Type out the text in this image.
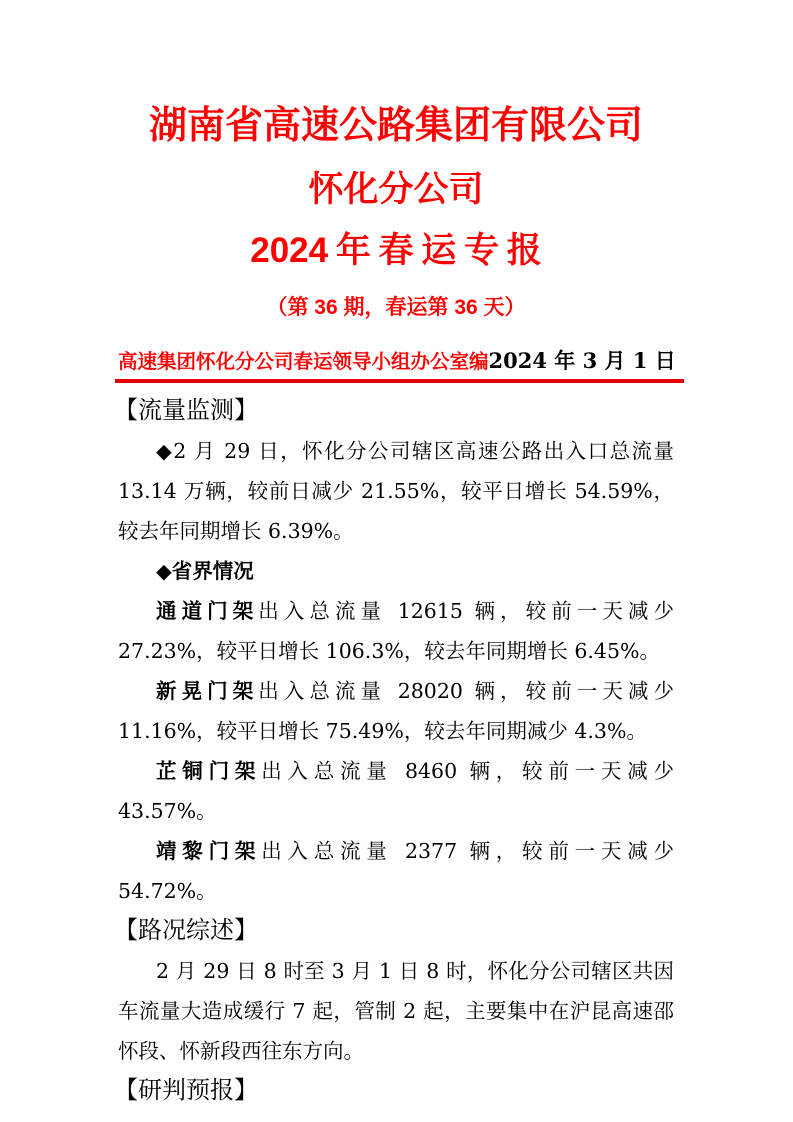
湖南省高速公路集团有限公司
怀化分公司
2024 年 春 运 专 报
（第 36 期，春运第 36 天）
高速集团怀化分公司春运领导小组办公室编 2024 年 3 月 1 日
【流量监测】

◆2 月 29 日，怀化分公司辖区高速公路出入口总流量 13.14 万辆，较前日减少 21.55%，较平日增长 54.59%，较去年同期增长 6.39%。

◆省界情况

通道门架出入总流量 12615 辆，较前一天减少 27.23%，较平日增长 106.3%，较去年同期增长 6.45%。

新晃门架出入总流量 28020 辆，较前一天减少 11.16%，较平日增长 75.49%，较去年同期减少 4.3%。

芷铜门架出入总流量 8460 辆，较前一天减少 43.57%。

靖黎门架出入总流量 2377 辆，较前一天减少 54.72%。

【路况综述】

2 月 29 日 8 时至 3 月 1 日 8 时，怀化分公司辖区共因车流量大造成缓行 7 起，管制 2 起，主要集中在沪昆高速邵怀段、怀新段西往东方向。

【研判预报】
